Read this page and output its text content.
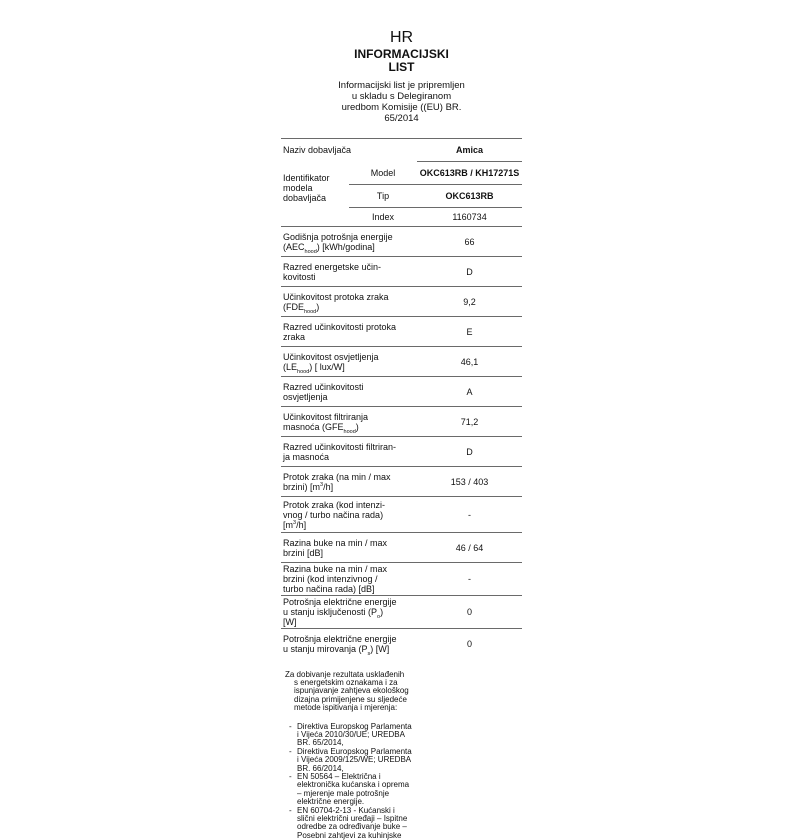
HR

INFORMACIJSKI
LIST

Informacijski list je pripremljen
u skladu s Delegiranom
uredbom Komisije ((EU) BR.
65/2014

Naziv dobavljača		Amica
Identifikator modela dobavljača	Model	OKC613RB / KH17271S
	Tip	OKC613RB
	Index	1160734
Godišnja potrošnja energije
$(AEC_{hood})$ [kWh/godina]		66
Razred energetske učin-
kovitosti		D
Učinkovitost protoka zraka
$(FDE_{hood})$		9,2
Razred učinkovitosti protoka
zraka		E
Učinkovitost osvjetljenja
$(LE_{hood})$ [ lux/W]		46,1
Razred učinkovitosti
osvjetljenja		A
Učinkovitost filtriranja
masnoća $(GFE_{hood})$		71,2
Razred učinkovitosti filtriran-
ja masnoća		D
Protok zraka (na min / max
brzini) $[m^3/h]$		153 / 403
Protok zraka (kod intenzi-
vnog / turbo načina rada)
$[m^3/h]$		-
Razina buke na min / max
brzini [dB]		46 / 64
Razina buke na min / max
brzini (kod intenzivnog /
turbo načina rada) [dB]		-
Potrošnja električne energije
u stanju isključenosti $(P_o)$
[W]		0
Potrošnja električne energije
u stanju mirovanja $(P_s)$ [W]		0
Za dobivanje rezultata usklađenih
s energetskim oznakama i za
ispunjavanje zahtjeva ekološkog
dizajna primijenjene su sljedeće
metode ispitivanja i mjerenja:
- Direktiva Europskog Parlamenta
i Vijeća 2010/30/UE; UREDBA
BR. 65/2014,
- Direktiva Europskog Parlamenta
i Vijeća 2009/125/WE; UREDBA
BR. 66/2014,
- EN 50564 – Električna i
elektronička kućanska i oprema
– mjerenje male potrošnje
električne energije.
- EN 60704-2-13 - Kućanski i
slični električni uređaji – Ispitne
odredbe za određivanje buke –
Posebni zahtjevi za kuhinjske
